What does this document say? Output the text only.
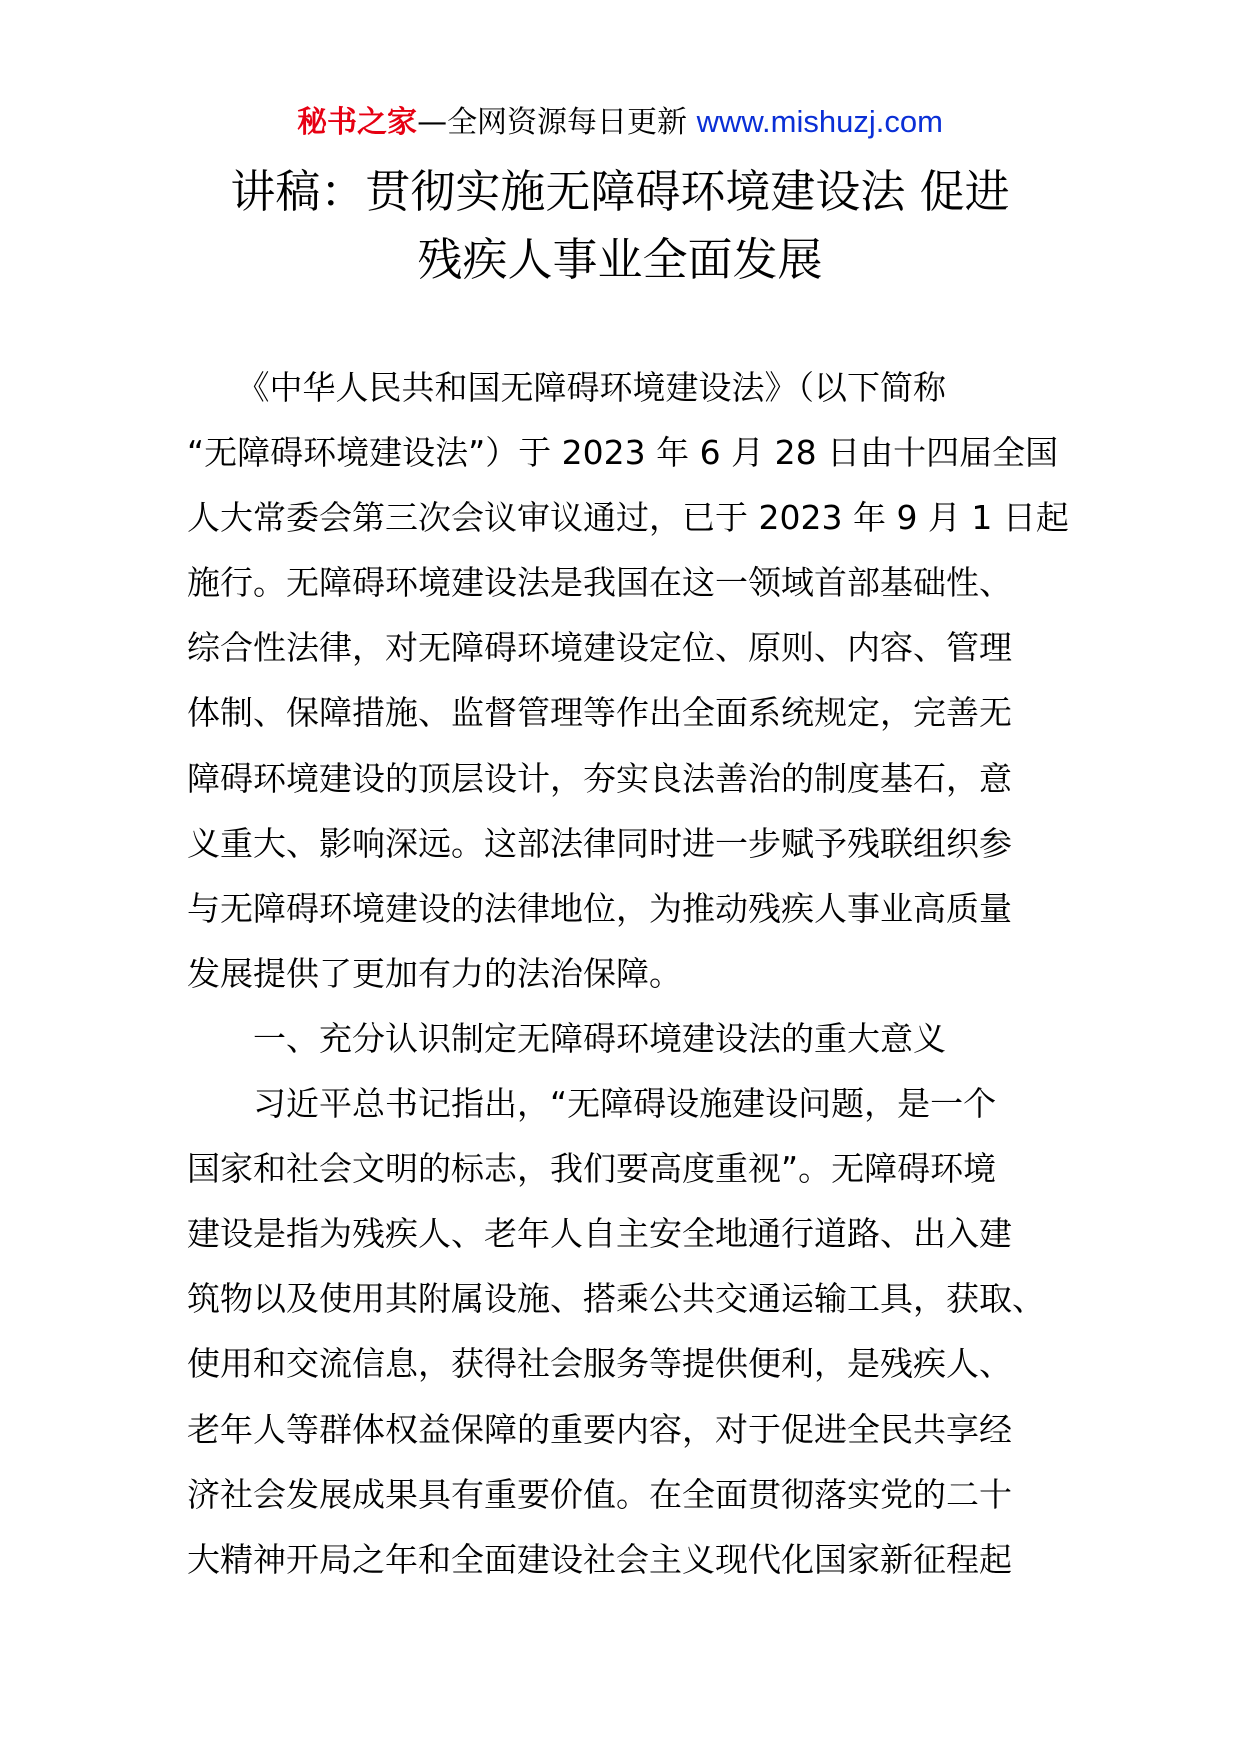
秘书之家—全网资源每日更新 www.mishuzj.com
讲稿：贯彻实施无障碍环境建设法 促进
残疾人事业全面发展
　　《中华人民共和国无障碍环境建设法》（以下简称
“无障碍环境建设法”）于 2023 年 6 月 28 日由十四届全国
人大常委会第三次会议审议通过，已于 2023 年 9 月 1 日起
施行。无障碍环境建设法是我国在这一领域首部基础性、
综合性法律，对无障碍环境建设定位、原则、内容、管理
体制、保障措施、监督管理等作出全面系统规定，完善无
障碍环境建设的顶层设计，夯实良法善治的制度基石，意
义重大、影响深远。这部法律同时进一步赋予残联组织参
与无障碍环境建设的法律地位，为推动残疾人事业高质量
发展提供了更加有力的法治保障。
　　一、充分认识制定无障碍环境建设法的重大意义
　　习近平总书记指出，“无障碍设施建设问题，是一个
国家和社会文明的标志，我们要高度重视”。无障碍环境
建设是指为残疾人、老年人自主安全地通行道路、出入建
筑物以及使用其附属设施、搭乘公共交通运输工具，获取、
使用和交流信息，获得社会服务等提供便利，是残疾人、
老年人等群体权益保障的重要内容，对于促进全民共享经
济社会发展成果具有重要价值。在全面贯彻落实党的二十
大精神开局之年和全面建设社会主义现代化国家新征程起
